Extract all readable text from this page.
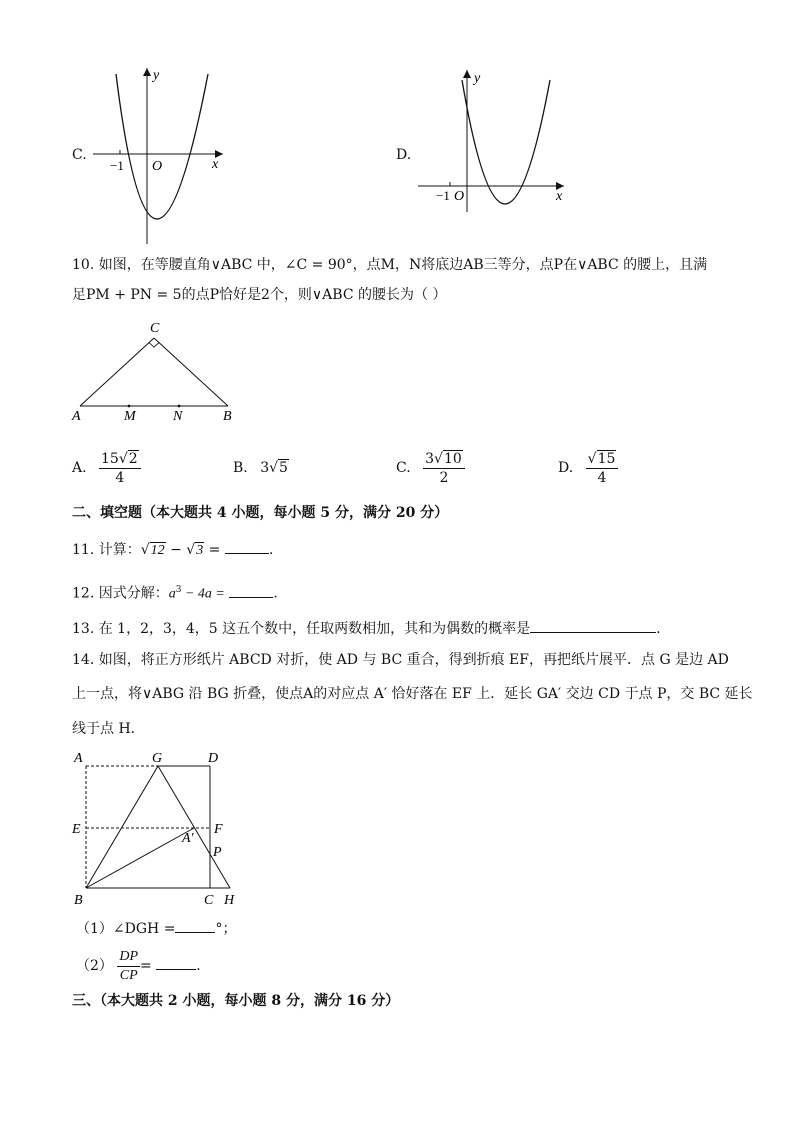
C.
y
x
O
−1
D.
y
x
O
−1
10. 如图，在等腰直角∨ABC 中，∠C = 90°，点M，N将底边AB三等分，点P在∨ABC 的腰上，且满
足PM + PN = 5的点P恰好是2个，则∨ABC 的腰长为（ ）
C
A	M	N	B
A. $\frac{15√2}{4}$	B. 3√5	C. $\frac{3√10}{2}$	D. $\frac{√15}{4}$
二、填空题（本大题共 4 小题，每小题 5 分，满分 20 分）
11. 计算：√12 − √3 =	.
12. 因式分解：$a^3 - 4a$ =	.
13. 在 1，2，3，4，5 这五个数中，任取两数相加，其和为偶数的概率是	.
14. 如图，将正方形纸片 ABCD 对折，使 AD 与 BC 重合，得到折痕 EF，再把纸片展平．点 G 是边 AD
上一点，将∨ABG 沿 BG 折叠，使点A的对应点 A′ 恰好落在 EF 上．延长 GA′ 交边 CD 于点 P，交 BC 延长
线于点 H．
A	G	D
E	F
A′
P
B	C H
（1）∠DGH =	°；
$(2) \frac{DP}{CP}$ =	.
三、（本大题共 2 小题，每小题 8 分，满分 16 分）
